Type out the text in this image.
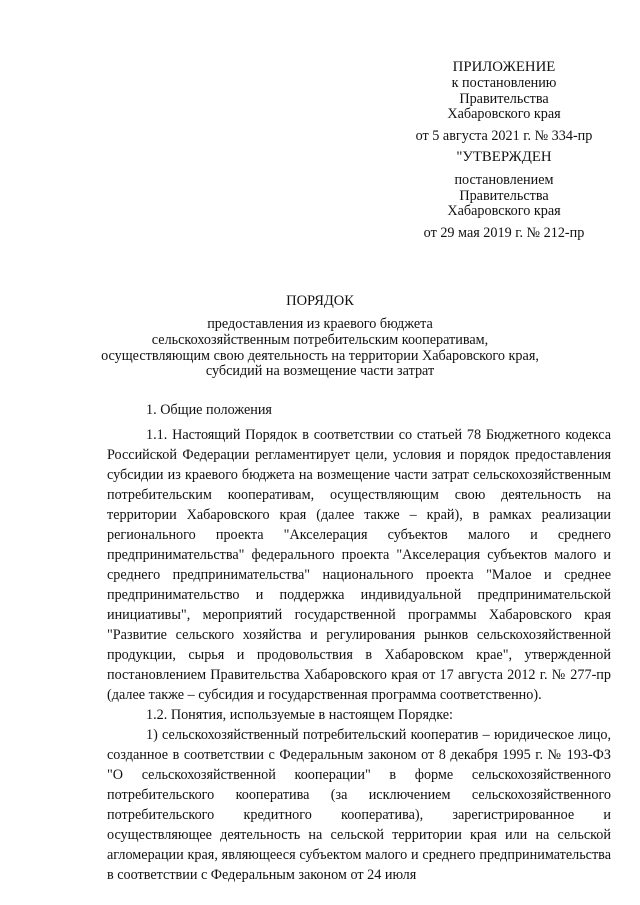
ПРИЛОЖЕНИЕ
к постановлению
Правительства
Хабаровского края
от 5 августа 2021 г. № 334-пр
"УТВЕРЖДЕН
постановлением
Правительства
Хабаровского края
от 29 мая 2019 г. № 212-пр
ПОРЯДОК
предоставления из краевого бюджета
сельскохозяйственным потребительским кооперативам,
осуществляющим свою деятельность на территории Хабаровского края,
субсидий на возмещение части затрат
1. Общие положения

1.1. Настоящий Порядок в соответствии со статьей 78 Бюджетного кодекса Российской Федерации регламентирует цели, условия и порядок предоставления субсидии из краевого бюджета на возмещение части затрат сельскохозяйственным потребительским кооперативам, осуществляющим свою деятельность на территории Хабаровского края (далее также – край), в рамках реализации регионального проекта "Акселерация субъектов малого и среднего предпринимательства" федерального проекта "Акселерация субъектов малого и среднего предпринимательства" национального проекта "Малое и среднее предпринимательство и поддержка индивидуальной предпринимательской инициативы", мероприятий государственной программы Хабаровского края "Развитие сельского хозяйства и регулирования рынков сельскохозяйственной продукции, сырья и продовольствия в Хабаровском крае", утвержденной постановлением Правительства Хабаровского края от 17 августа 2012 г. № 277-пр (далее также – субсидия и государственная программа соответственно).

1.2. Понятия, используемые в настоящем Порядке:

1) сельскохозяйственный потребительский кооператив – юридическое лицо, созданное в соответствии с Федеральным законом от 8 декабря 1995 г. № 193-ФЗ "О сельскохозяйственной кооперации" в форме сельскохозяйственного потребительского кооператива (за исключением сельскохозяйственного потребительского кредитного кооператива), зарегистрированное и осуществляющее деятельность на сельской территории края или на сельской агломерации края, являющееся субъектом малого и среднего предпринимательства в соответствии с Федеральным законом от 24 июля
